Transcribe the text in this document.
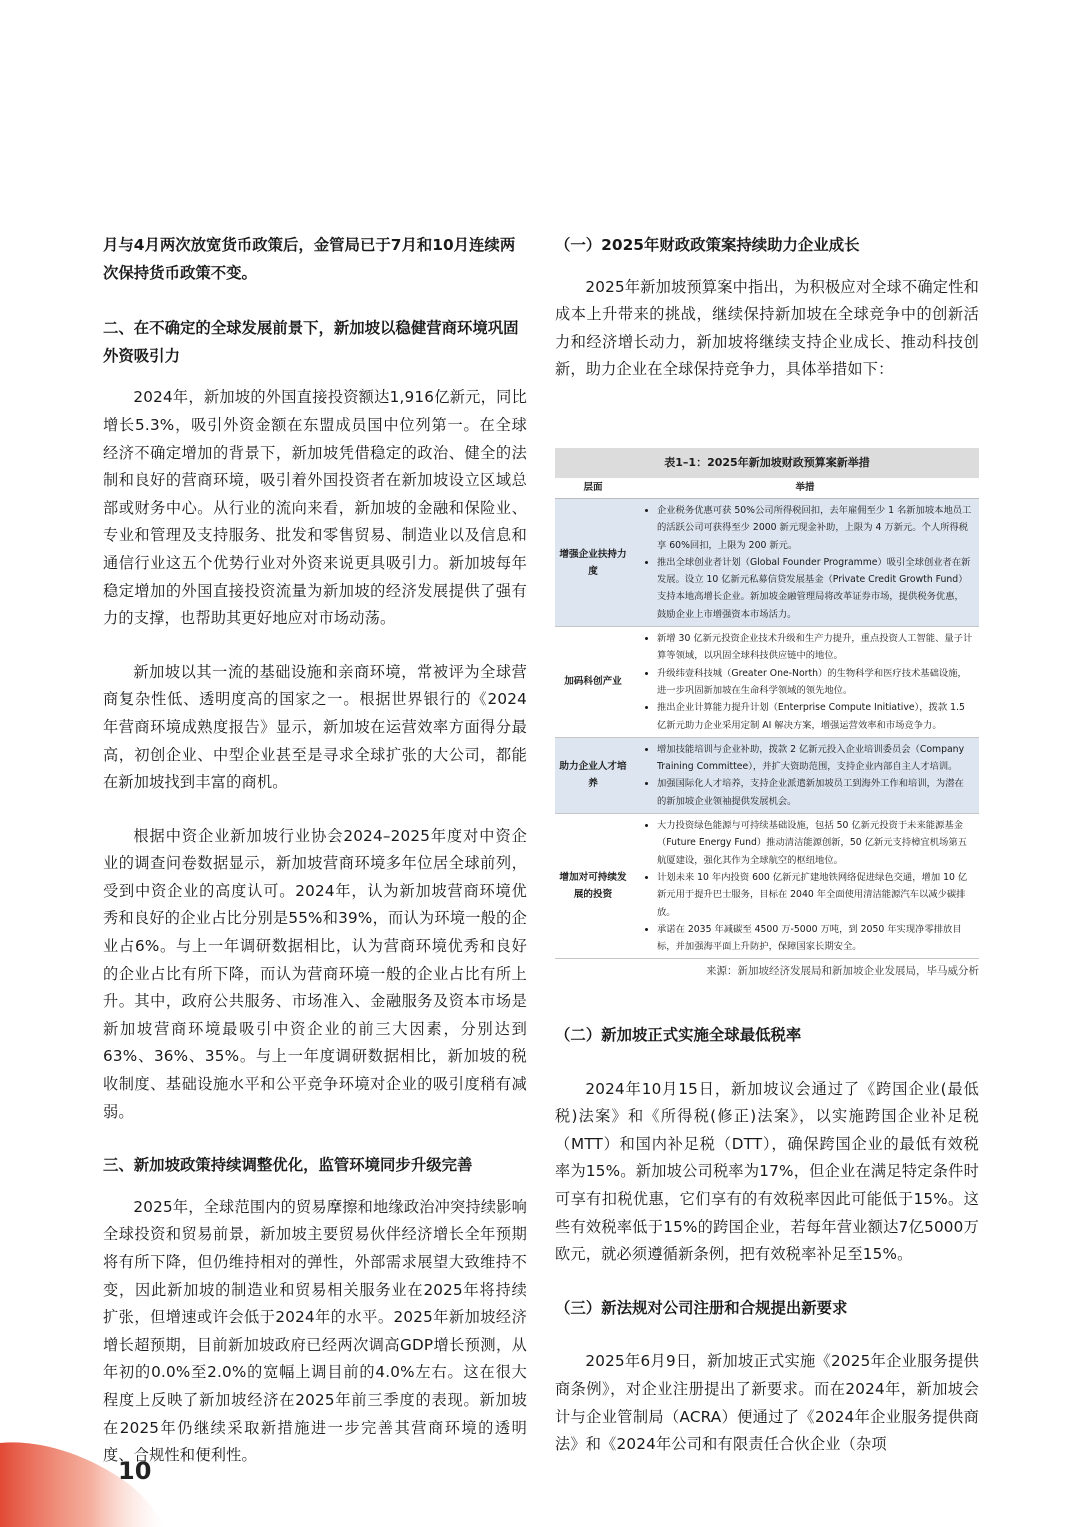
月与4月两次放宽货币政策后，金管局已于7月和10月连续两次保持货币政策不变。

二、在不确定的全球发展前景下，新加坡以稳健营商环境巩固外资吸引力

2024年，新加坡的外国直接投资额达1,916亿新元，同比增长5.3%，吸引外资金额在东盟成员国中位列第一。在全球经济不确定增加的背景下，新加坡凭借稳定的政治、健全的法制和良好的营商环境，吸引着外国投资者在新加坡设立区域总部或财务中心。从行业的流向来看，新加坡的金融和保险业、专业和管理及支持服务、批发和零售贸易、制造业以及信息和通信行业这五个优势行业对外资来说更具吸引力。新加坡每年稳定增加的外国直接投资流量为新加坡的经济发展提供了强有力的支撑，也帮助其更好地应对市场动荡。

新加坡以其一流的基础设施和亲商环境，常被评为全球营商复杂性低、透明度高的国家之一。根据世界银行的《2024年营商环境成熟度报告》显示，新加坡在运营效率方面得分最高，初创企业、中型企业甚至是寻求全球扩张的大公司，都能在新加坡找到丰富的商机。

根据中资企业新加坡行业协会2024–2025年度对中资企业的调查问卷数据显示，新加坡营商环境多年位居全球前列，受到中资企业的高度认可。2024年，认为新加坡营商环境优秀和良好的企业占比分别是55%和39%，而认为环境一般的企业占6%。与上一年调研数据相比，认为营商环境优秀和良好的企业占比有所下降，而认为营商环境一般的企业占比有所上升。其中，政府公共服务、市场准入、金融服务及资本市场是新加坡营商环境最吸引中资企业的前三大因素，分别达到63%、36%、35%。与上一年度调研数据相比，新加坡的税收制度、基础设施水平和公平竞争环境对企业的吸引度稍有减弱。

三、新加坡政策持续调整优化，监管环境同步升级完善

2025年，全球范围内的贸易摩擦和地缘政治冲突持续影响全球投资和贸易前景，新加坡主要贸易伙伴经济增长全年预期将有所下降，但仍维持相对的弹性，外部需求展望大致维持不变，因此新加坡的制造业和贸易相关服务业在2025年将持续扩张，但增速或许会低于2024年的水平。2025年新加坡经济增长超预期，目前新加坡政府已经两次调高GDP增长预测，从年初的0.0%至2.0%的宽幅上调目前的4.0%左右。这在很大程度上反映了新加坡经济在2025年前三季度的表现。新加坡在2025年仍继续采取新措施进一步完善其营商环境的透明度、合规性和便利性。

（一）2025年财政政策案持续助力企业成长

2025年新加坡预算案中指出，为积极应对全球不确定性和成本上升带来的挑战，继续保持新加坡在全球竞争中的创新活力和经济增长动力，新加坡将继续支持企业成长、推动科技创新，助力企业在全球保持竞争力，具体举措如下：

表1–1：2025年新加坡财政预算案新举措
层面	举措
增强企业扶持力度
• 企业税务优惠可获 50%公司所得税回扣，去年雇佣至少 1 名新加坡本地员工的活跃公司可获得至少 2000 新元现金补助，上限为 4 万新元。个人所得税享 60%回扣，上限为 200 新元。
• 推出全球创业者计划（Global Founder Programme）吸引全球创业者在新发展。设立 10 亿新元私募信贷发展基金（Private Credit Growth Fund）支持本地高增长企业。新加坡金融管理局将改革证券市场，提供税务优惠，鼓励企业上市增强资本市场活力。
加码科创产业
• 新增 30 亿新元投资企业技术升级和生产力提升，重点投资人工智能、量子计算等领域，以巩固全球科技供应链中的地位。
• 升级纬壹科技城（Greater One-North）的生物科学和医疗技术基础设施，进一步巩固新加坡在生命科学领域的领先地位。
• 推出企业计算能力提升计划（Enterprise Compute Initiative），拨款 1.5 亿新元助力企业采用定制 AI 解决方案，增强运营效率和市场竞争力。
助力企业人才培养
• 增加技能培训与企业补助，拨款 2 亿新元投入企业培训委员会（Company Training Committee），并扩大资助范围，支持企业内部自主人才培训。
• 加强国际化人才培养，支持企业派遣新加坡员工到海外工作和培训，为潜在的新加坡企业领袖提供发展机会。
增加对可持续发展的投资
• 大力投资绿色能源与可持续基础设施，包括 50 亿新元投资于未来能源基金（Future Energy Fund）推动清洁能源创新，50 亿新元支持樟宜机场第五航厦建设，强化其作为全球航空的枢纽地位。
• 计划未来 10 年内投资 600 亿新元扩建地铁网络促进绿色交通，增加 10 亿新元用于提升巴士服务，目标在 2040 年全面使用清洁能源汽车以减少碳排放。
• 承诺在 2035 年减碳至 4500 万-5000 万吨，到 2050 年实现净零排放目标，并加强海平面上升防护，保障国家长期安全。
来源：新加坡经济发展局和新加坡企业发展局，毕马威分析

（二）新加坡正式实施全球最低税率

2024年10月15日，新加坡议会通过了《跨国企业(最低税)法案》和《所得税(修正)法案》，以实施跨国企业补足税（MTT）和国内补足税（DTT），确保跨国企业的最低有效税率为15%。新加坡公司税率为17%，但企业在满足特定条件时可享有扣税优惠，它们享有的有效税率因此可能低于15%。这些有效税率低于15%的跨国企业，若每年营业额达7亿5000万欧元，就必须遵循新条例，把有效税率补足至15%。

（三）新法规对公司注册和合规提出新要求

2025年6月9日，新加坡正式实施《2025年企业服务提供商条例》，对企业注册提出了新要求。而在2024年，新加坡会计与企业管制局（ACRA）便通过了《2024年企业服务提供商法》和《2024年公司和有限责任合伙企业（杂项

10
